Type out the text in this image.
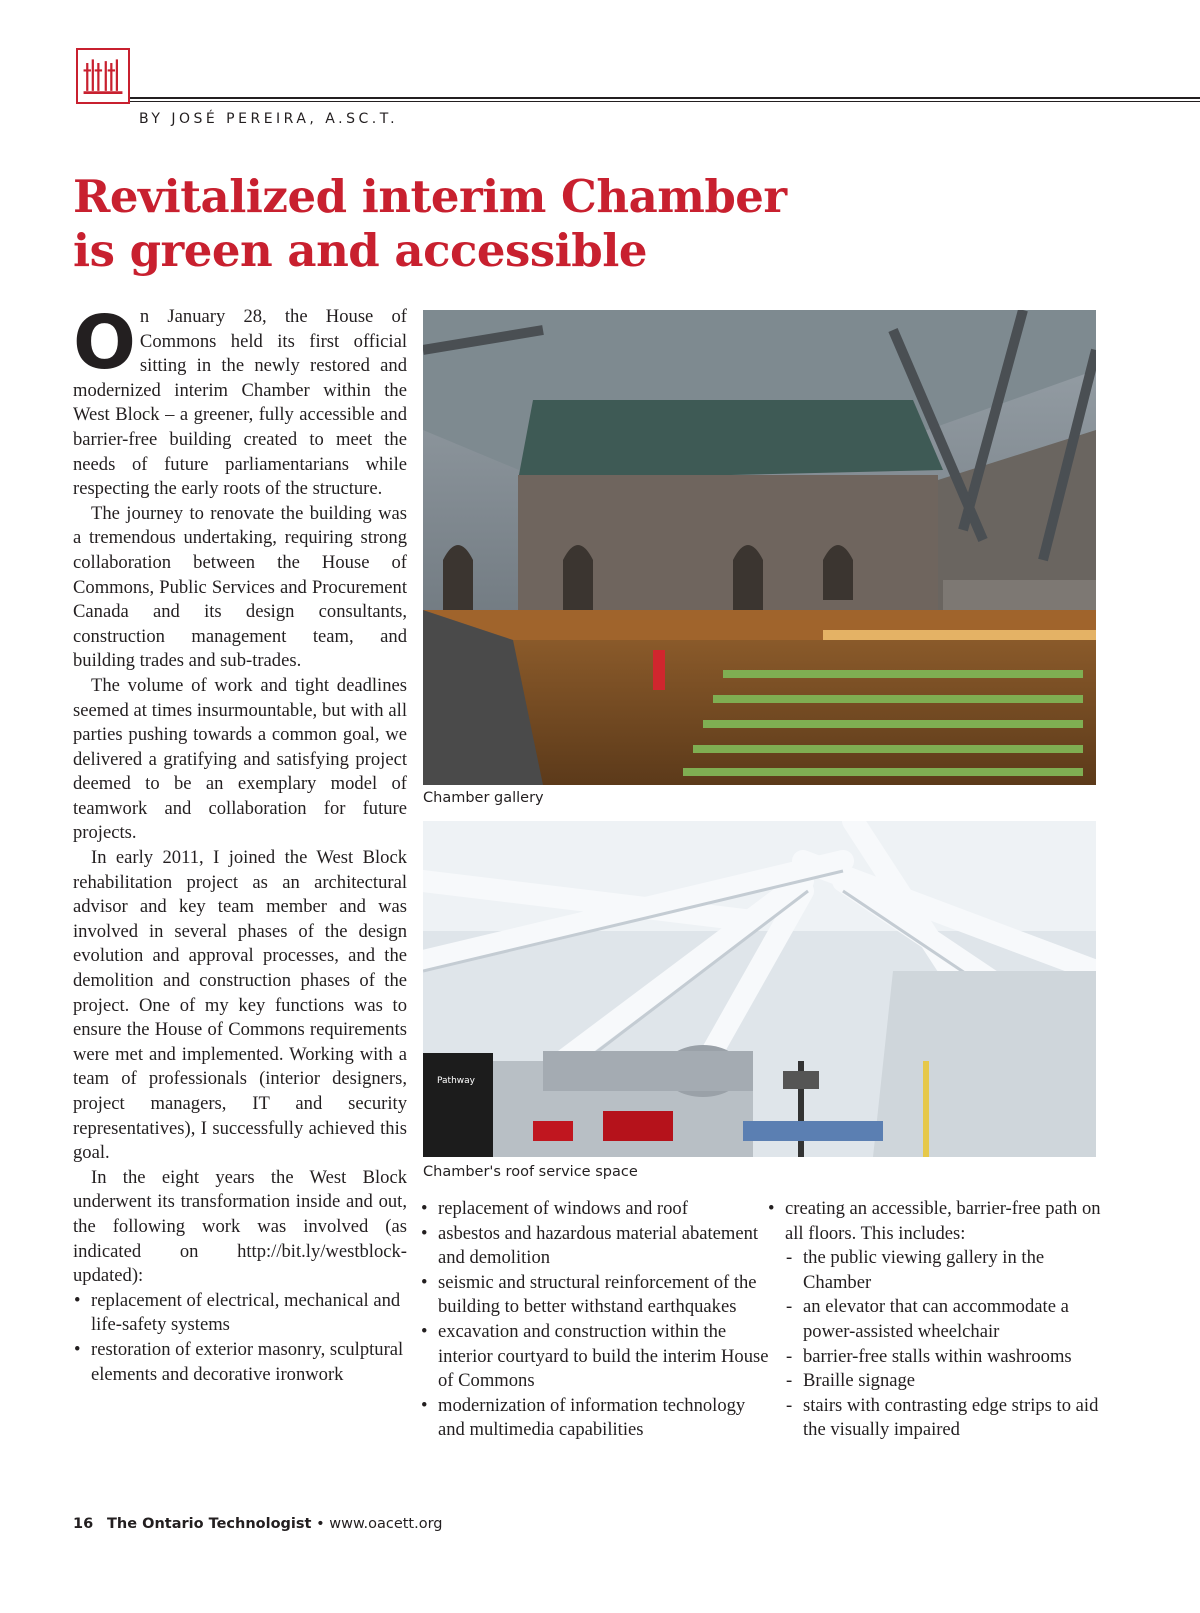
ttt
BY JOSÉ PEREIRA, A.SC.T.
Revitalized interim Chamber
is green and accessible

On January 28, the House of Commons held its first official sitting in the newly restored and modernized interim Chamber within the West Block – a greener, fully accessible and barrier-free building created to meet the needs of future parliamentarians while respecting the early roots of the structure.

The journey to renovate the building was a tremendous undertaking, requiring strong collaboration between the House of Commons, Public Services and Procurement Canada and its design consultants, construction management team, and building trades and sub-trades.

The volume of work and tight deadlines seemed at times insurmountable, but with all parties pushing towards a common goal, we delivered a gratifying and satisfying project deemed to be an exemplary model of teamwork and collaboration for future projects.

In early 2011, I joined the West Block rehabilitation project as an architectural advisor and key team member and was involved in several phases of the design evolution and approval processes, and the demolition and construction phases of the project. One of my key functions was to ensure the House of Commons requirements were met and implemented. Working with a team of professionals (interior designers, project managers, IT and security representatives), I successfully achieved this goal.

In the eight years the West Block underwent its transformation inside and out, the following work was involved (as indicated on http://bit.ly/westblock-updated):

• replacement of electrical, mechanical and life-safety systems
• restoration of exterior masonry, sculptural elements and decorative ironwork
Chamber gallery
Pathway
Chamber's roof service space
• replacement of windows and roof
• asbestos and hazardous material abatement and demolition
• seismic and structural reinforcement of the building to better withstand earthquakes
• excavation and construction within the interior courtyard to build the interim House of Commons
• modernization of information technology and multimedia capabilities
• creating an accessible, barrier-free path on all floors. This includes:
- the public viewing gallery in the Chamber
- an elevator that can accommodate a power-assisted wheelchair
- barrier-free stalls within washrooms
- Braille signage
- stairs with contrasting edge strips to aid the visually impaired
16 The Ontario Technologist • www.oacett.org
